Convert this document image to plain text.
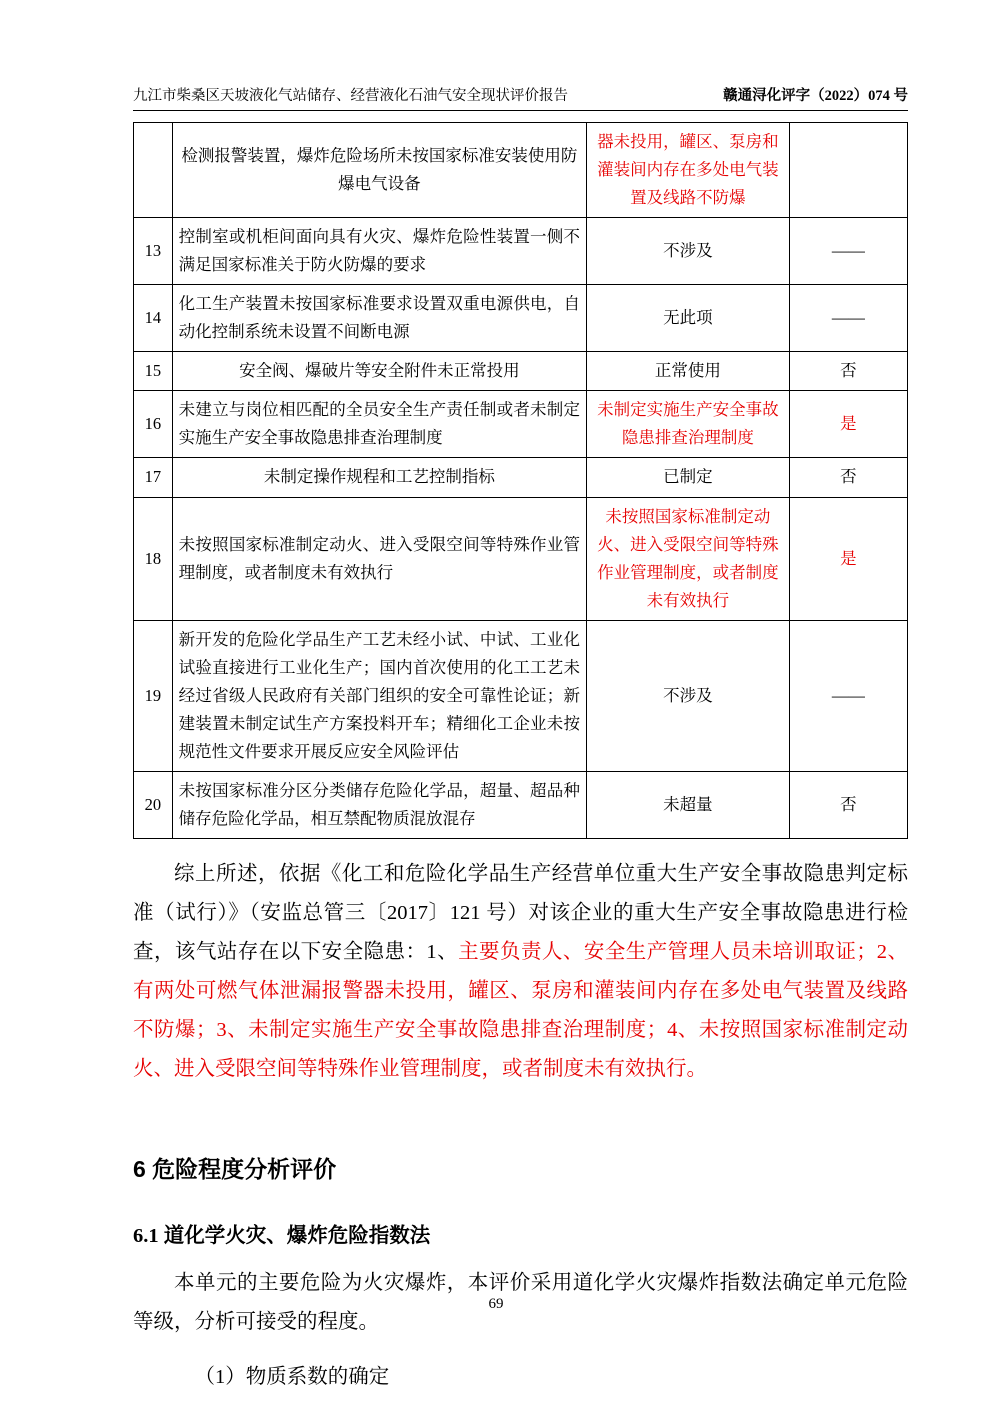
九江市柴桑区天坡液化气站储存、经营液化石油气安全现状评价报告	赣通浔化评字（2022）074 号
	检测报警装置，爆炸危险场所未按国家标准安装使用防爆电气设备	器未投用，罐区、泵房和灌装间内存在多处电气装置及线路不防爆	
13	控制室或机柜间面向具有火灾、爆炸危险性装置一侧不满足国家标准关于防火防爆的要求	不涉及	——
14	化工生产装置未按国家标准要求设置双重电源供电，自动化控制系统未设置不间断电源	无此项	——
15	安全阀、爆破片等安全附件未正常投用	正常使用	否
16	未建立与岗位相匹配的全员安全生产责任制或者未制定实施生产安全事故隐患排查治理制度	未制定实施生产安全事故隐患排查治理制度	是
17	未制定操作规程和工艺控制指标	已制定	否
18	未按照国家标准制定动火、进入受限空间等特殊作业管理制度，或者制度未有效执行	未按照国家标准制定动火、进入受限空间等特殊作业管理制度，或者制度未有效执行	是
19	新开发的危险化学品生产工艺未经小试、中试、工业化试验直接进行工业化生产；国内首次使用的化工工艺未经过省级人民政府有关部门组织的安全可靠性论证；新建装置未制定试生产方案投料开车；精细化工企业未按规范性文件要求开展反应安全风险评估	不涉及	——
20	未按国家标准分区分类储存危险化学品，超量、超品种储存危险化学品，相互禁配物质混放混存	未超量	否

综上所述，依据《化工和危险化学品生产经营单位重大生产安全事故隐患判定标准（试行）》（安监总管三〔2017〕121 号）对该企业的重大生产安全事故隐患进行检查，该气站存在以下安全隐患：1、主要负责人、安全生产管理人员未培训取证；2、有两处可燃气体泄漏报警器未投用，罐区、泵房和灌装间内存在多处电气装置及线路不防爆；3、未制定实施生产安全事故隐患排查治理制度；4、未按照国家标准制定动火、进入受限空间等特殊作业管理制度，或者制度未有效执行。

6 危险程度分析评价
6.1 道化学火灾、爆炸危险指数法

本单元的主要危险为火灾爆炸，本评价采用道化学火灾爆炸指数法确定单元危险等级，分析可接受的程度。

（1）物质系数的确定

69
